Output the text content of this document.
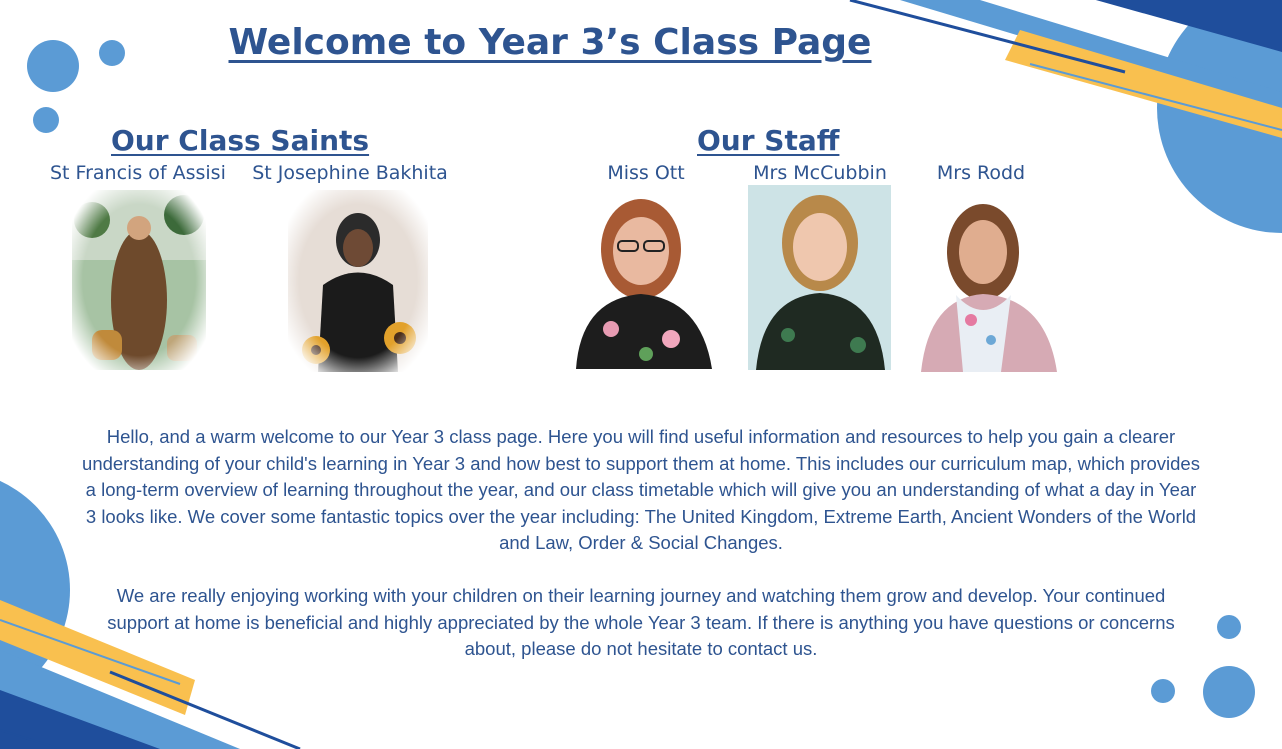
Welcome to Year 3’s Class Page
Our Class Saints
St Francis of Assisi St Josephine Bakhita
Our Staff
Miss Ott	Mrs McCubbin	Mrs Rodd
Hello, and a warm welcome to our Year 3 class page. Here you will find useful information and resources to help you gain a clearer understanding of your child's learning in Year 3 and how best to support them at home. This includes our curriculum map, which provides a long-term overview of learning throughout the year, and our class timetable which will give you an understanding of what a day in Year 3 looks like. We cover some fantastic topics over the year including: The United Kingdom, Extreme Earth, Ancient Wonders of the World and Law, Order & Social Changes.
We are really enjoying working with your children on their learning journey and watching them grow and develop. Your continued support at home is beneficial and highly appreciated by the whole Year 3 team. If there is anything you have questions or concerns about, please do not hesitate to contact us.
